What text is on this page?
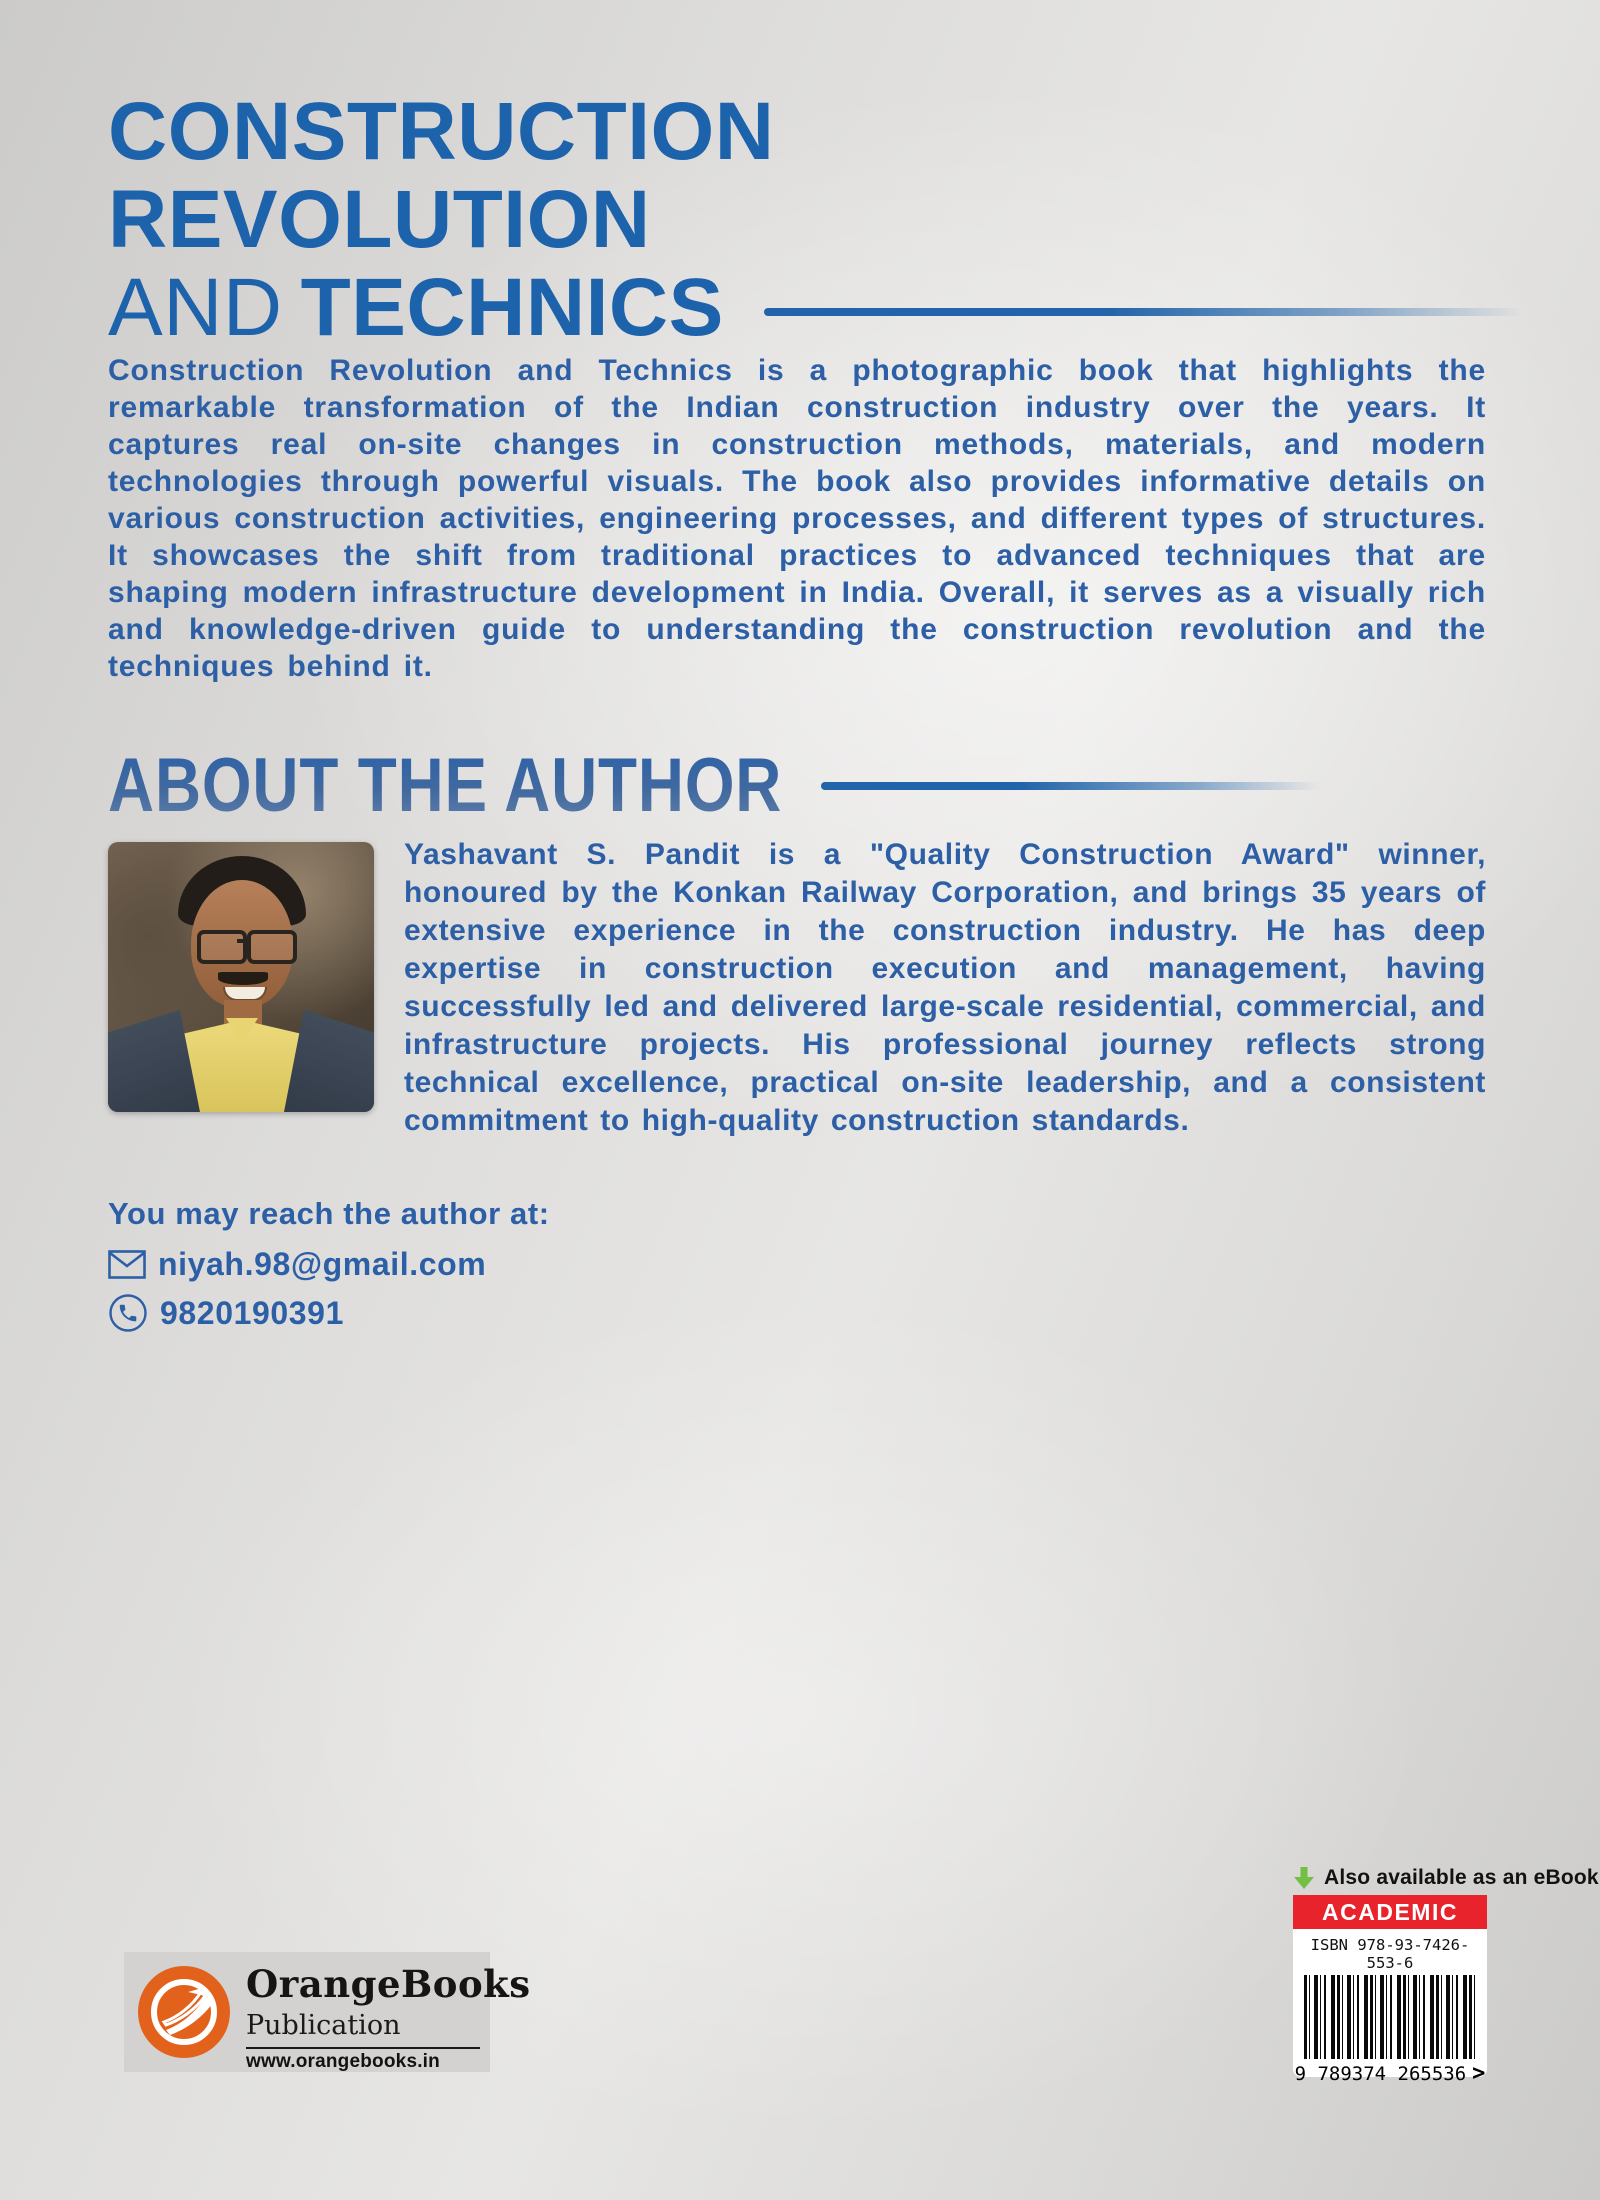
CONSTRUCTION
REVOLUTION
AND TECHNICS

Construction Revolution and Technics is a photographic book that highlights the remarkable transformation of the Indian construction industry over the years. It captures real on-site changes in construction methods, materials, and modern technologies through powerful visuals. The book also provides informative details on various construction activities, engineering processes, and different types of structures. It showcases the shift from traditional practices to advanced techniques that are shaping modern infrastructure development in India. Overall, it serves as a visually rich and knowledge-driven guide to understanding the construction revolution and the techniques behind it.

ABOUT THE AUTHOR

Yashavant S. Pandit is a "Quality Construction Award" winner, honoured by the Konkan Railway Corporation, and brings 35 years of extensive experience in the construction industry. He has deep expertise in construction execution and management, having successfully led and delivered large-scale residential, commercial, and infrastructure projects. His professional journey reflects strong technical excellence, practical on-site leadership, and a consistent commitment to high-quality construction standards.

You may reach the author at:

niyah.98@gmail.com
9820190391
OrangeBooks
Publication
www.orangebooks.in
Also available as an eBook
ACADEMIC
ISBN 978-93-7426-553-6
9 789374 265536 >
